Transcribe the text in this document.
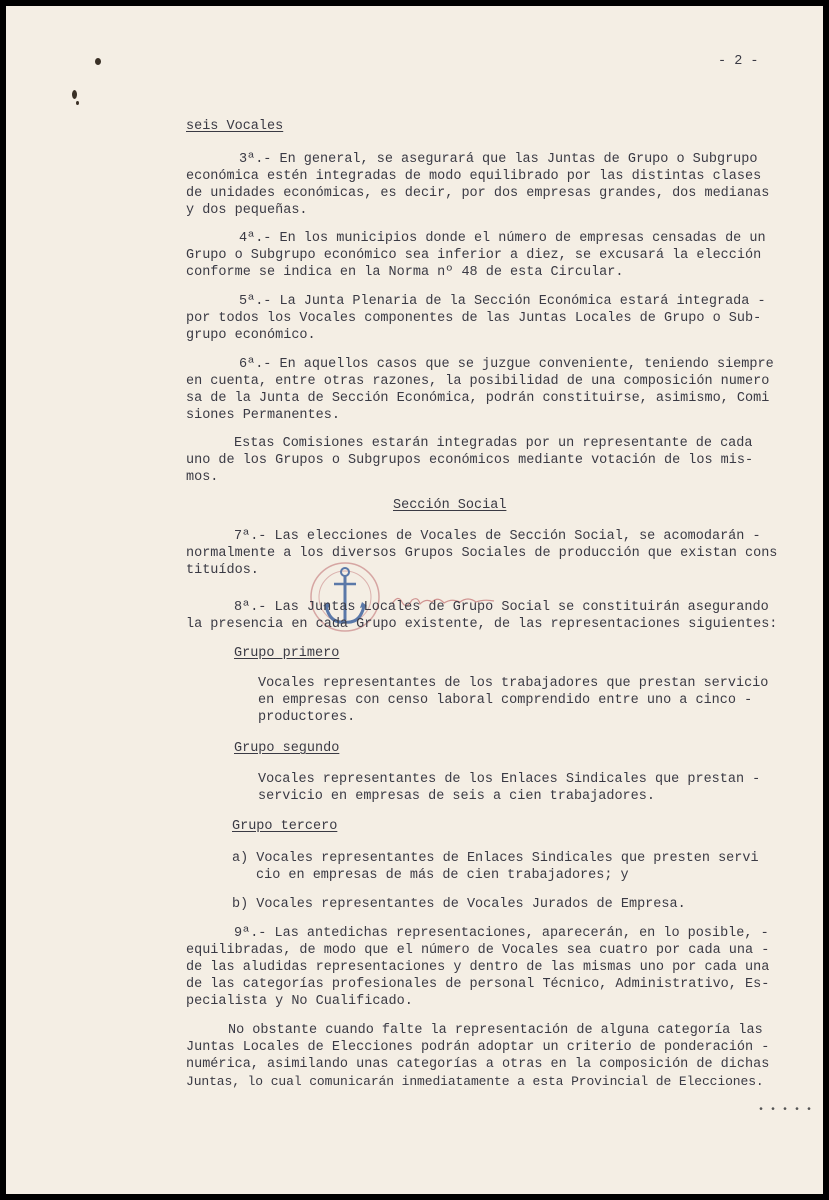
- 2 -
seis Vocales
3ª.- En general, se asegurará que las Juntas de Grupo o Subgrupo
económica estén integradas de modo equilibrado por las distintas clases
de unidades económicas, es decir, por dos empresas grandes, dos medianas
y dos pequeñas.
4ª.- En los municipios donde el número de empresas censadas de un
Grupo o Subgrupo económico sea inferior a diez, se excusará la elección
conforme se indica en la Norma nº 48 de esta Circular.
5ª.- La Junta Plenaria de la Sección Económica estará integrada -
por todos los Vocales componentes de las Juntas Locales de Grupo o Sub-
grupo económico.
6ª.- En aquellos casos que se juzgue conveniente, teniendo siempre
en cuenta, entre otras razones, la posibilidad de una composición numero
sa de la Junta de Sección Económica, podrán constituirse, asimismo, Comi
siones Permanentes.
Estas Comisiones estarán integradas por un representante de cada
uno de los Grupos o Subgrupos económicos mediante votación de los mis-
mos.
Sección Social
7ª.- Las elecciones de Vocales de Sección Social, se acomodarán -
normalmente a los diversos Grupos Sociales de producción que existan cons
tituídos.
8ª.- Las Juntas Locales de Grupo Social se constituirán asegurando
la presencia en cada Grupo existente, de las representaciones siguientes:
Grupo primero
Vocales representantes de los trabajadores que prestan servicio
en empresas con censo laboral comprendido entre uno a cinco -
productores.
Grupo segundo
Vocales representantes de los Enlaces Sindicales que prestan -
servicio en empresas de seis a cien trabajadores.
Grupo tercero
a) Vocales representantes de Enlaces Sindicales que presten servi
cio en empresas de más de cien trabajadores; y
b) Vocales representantes de Vocales Jurados de Empresa.
9ª.- Las antedichas representaciones, aparecerán, en lo posible, -
equilibradas, de modo que el número de Vocales sea cuatro por cada una -
de las aludidas representaciones y dentro de las mismas uno por cada una
de las categorías profesionales de personal Técnico, Administrativo, Es-
pecialista y No Cualificado.
No obstante cuando falte la representación de alguna categoría las
Juntas Locales de Elecciones podrán adoptar un criterio de ponderación -
numérica, asimilando unas categorías a otras en la composición de dichas
Juntas, lo cual comunicarán inmediatamente a esta Provincial de Elecciones.
• • • • •
